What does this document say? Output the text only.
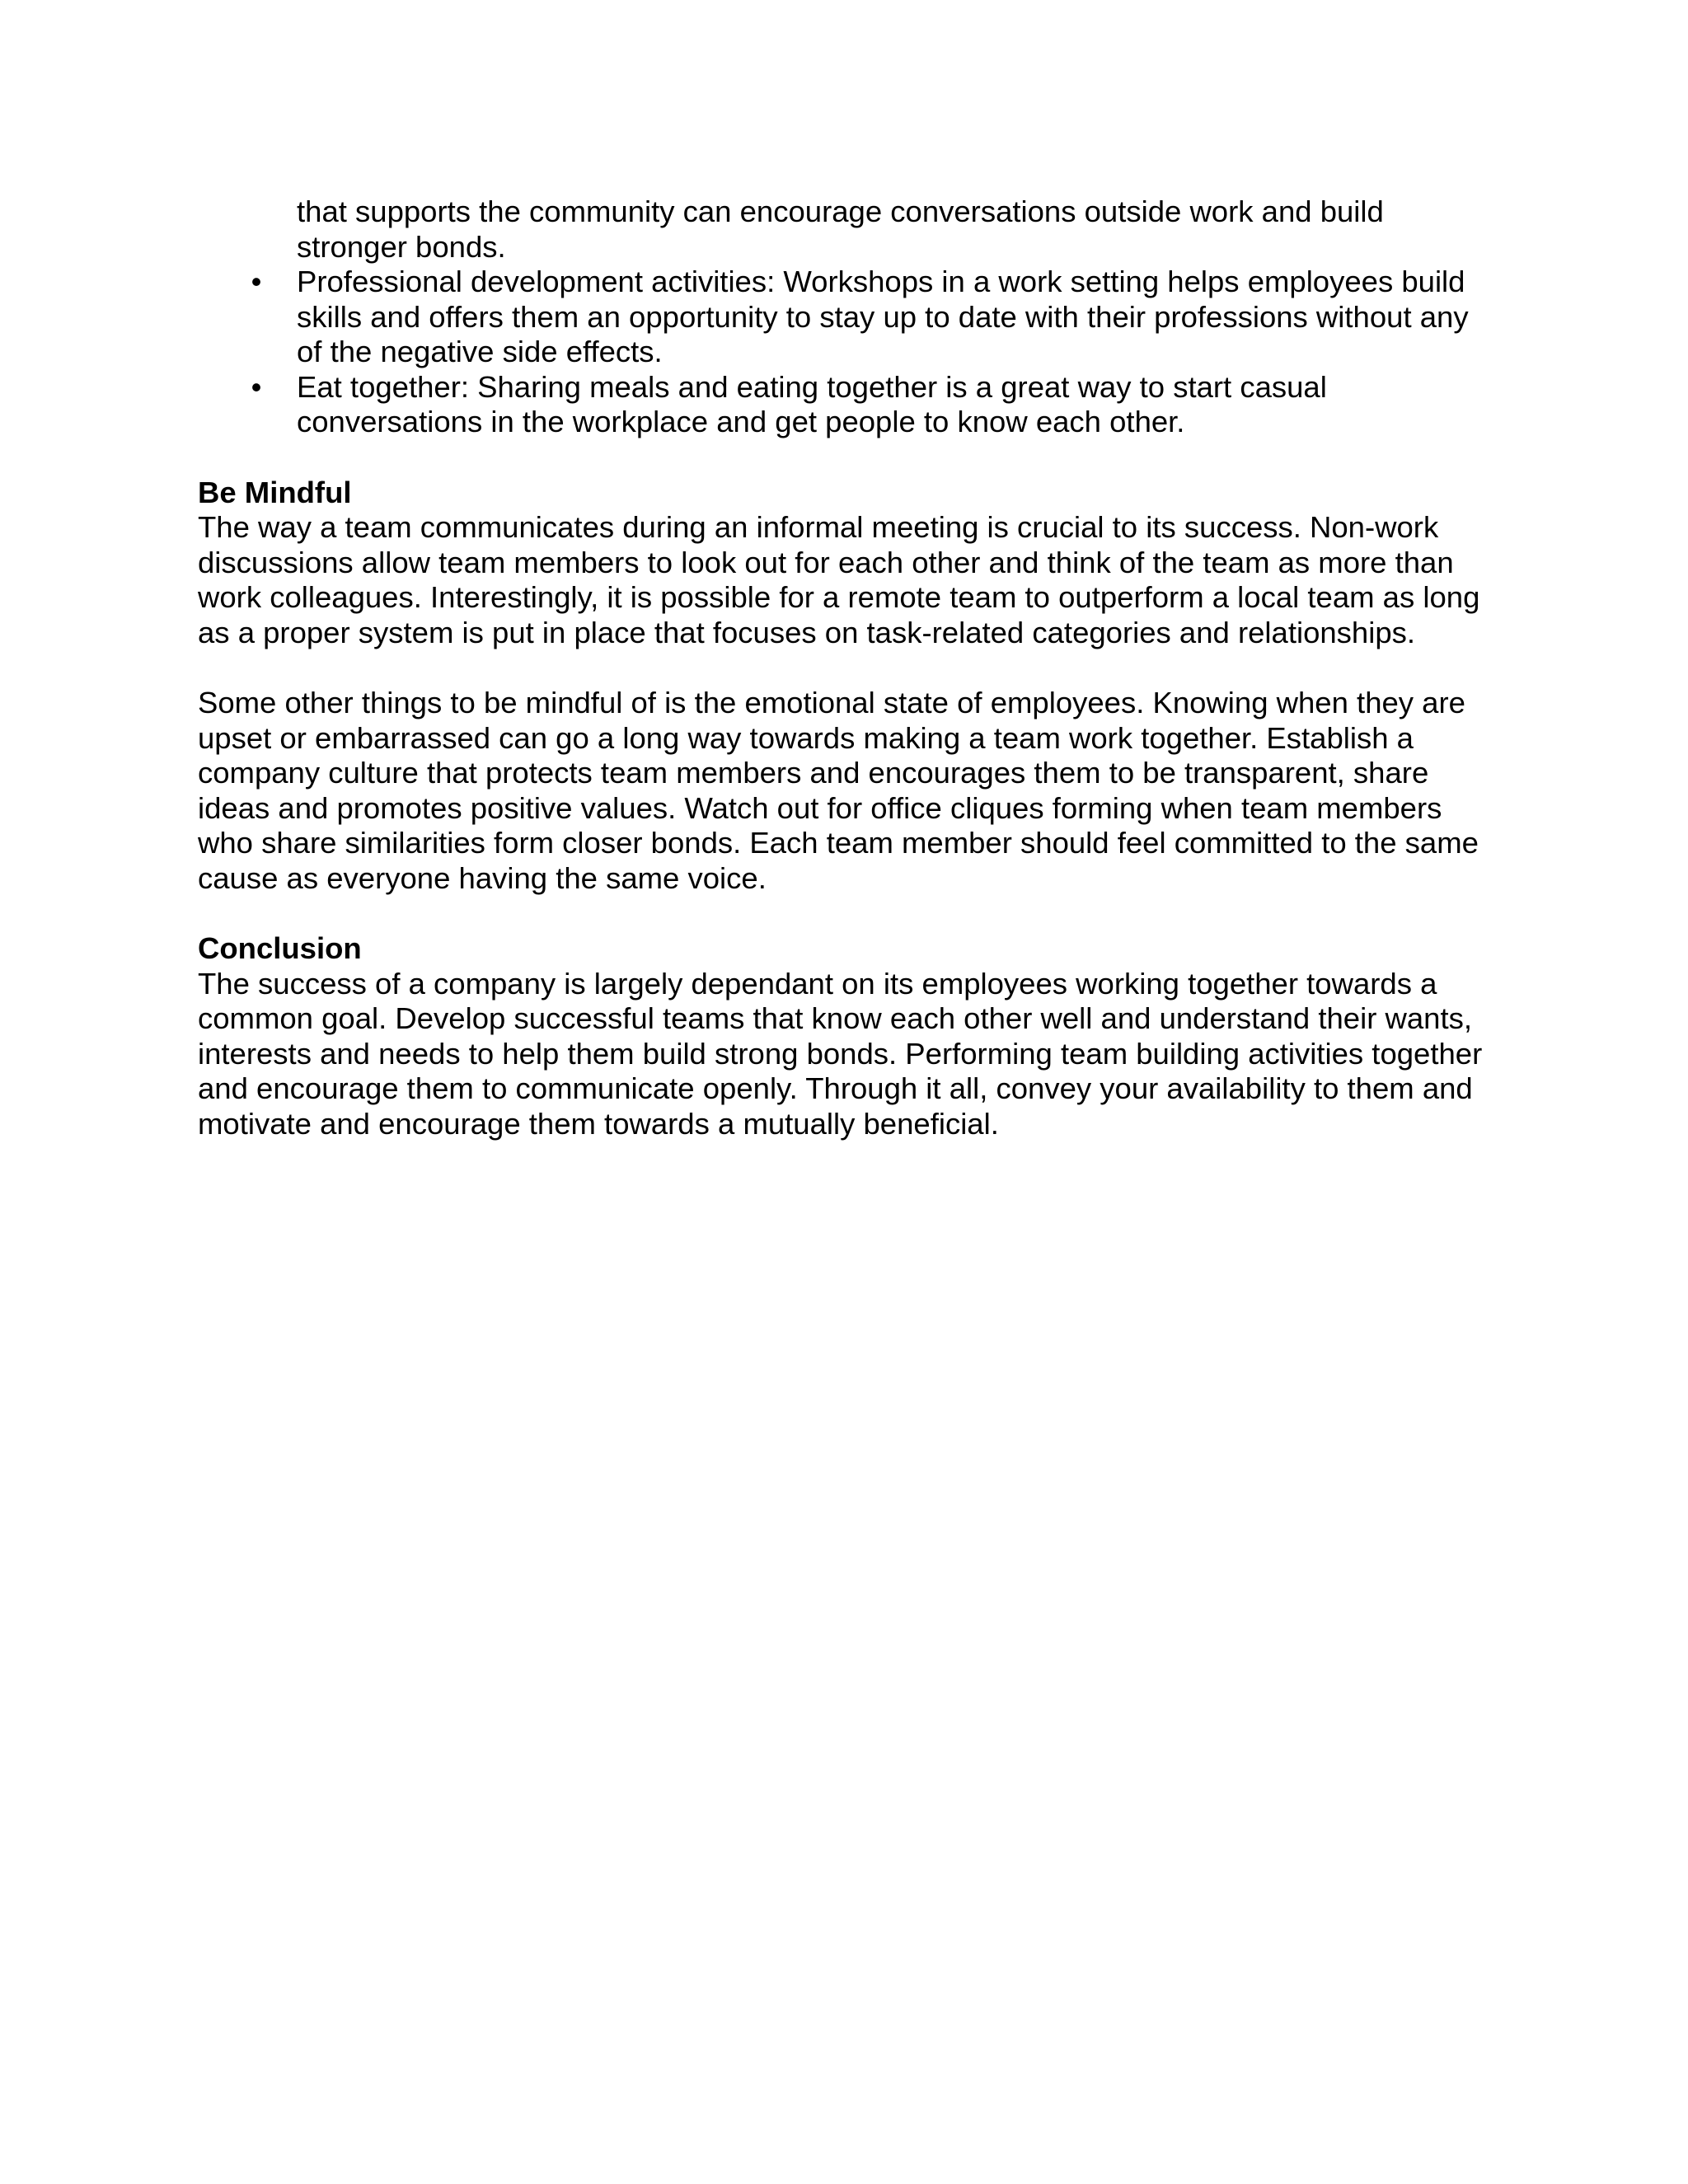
that supports the community can encourage conversations outside work and build stronger bonds.

• Professional development activities: Workshops in a work setting helps employees build skills and offers them an opportunity to stay up to date with their professions without any of the negative side effects.
• Eat together: Sharing meals and eating together is a great way to start casual conversations in the workplace and get people to know each other.
Be Mindful

The way a team communicates during an informal meeting is crucial to its success. Non-work discussions allow team members to look out for each other and think of the team as more than work colleagues. Interestingly, it is possible for a remote team to outperform a local team as long as a proper system is put in place that focuses on task-related categories and relationships.

Some other things to be mindful of is the emotional state of employees. Knowing when they are upset or embarrassed can go a long way towards making a team work together. Establish a company culture that protects team members and encourages them to be transparent, share ideas and promotes positive values. Watch out for office cliques forming when team members who share similarities form closer bonds. Each team member should feel committed to the same cause as everyone having the same voice.

Conclusion

The success of a company is largely dependant on its employees working together towards a common goal. Develop successful teams that know each other well and understand their wants, interests and needs to help them build strong bonds. Performing team building activities together and encourage them to communicate openly. Through it all, convey your availability to them and motivate and encourage them towards a mutually beneficial.
